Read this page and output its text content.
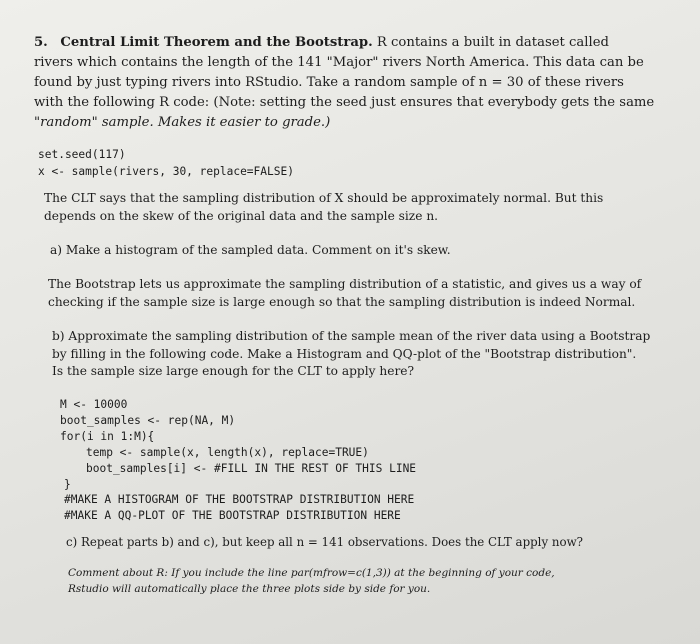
5. Central Limit Theorem and the Bootstrap. R contains a built in dataset called
rivers which contains the length of the 141 "Major" rivers North America. This data can be
found by just typing rivers into RStudio. Take a random sample of n = 30 of these rivers
with the following R code: (Note: setting the seed just ensures that everybody gets the same
"random" sample. Makes it easier to grade.)
set.seed(117)
x <- sample(rivers, 30, replace=FALSE)
The CLT says that the sampling distribution of X should be approximately normal. But this
depends on the skew of the original data and the sample size n.
a) Make a histogram of the sampled data. Comment on it's skew.
The Bootstrap lets us approximate the sampling distribution of a statistic, and gives us a way of
checking if the sample size is large enough so that the sampling distribution is indeed Normal.
b) Approximate the sampling distribution of the sample mean of the river data using a Bootstrap
by filling in the following code. Make a Histogram and QQ-plot of the "Bootstrap distribution".
Is the sample size large enough for the CLT to apply here?
M <- 10000
boot_samples <- rep(NA, M)
for(i in 1:M){
temp <- sample(x, length(x), replace=TRUE)
boot_samples[i] <- #FILL IN THE REST OF THIS LINE
}
#MAKE A HISTOGRAM OF THE BOOTSTRAP DISTRIBUTION HERE
#MAKE A QQ-PLOT OF THE BOOTSTRAP DISTRIBUTION HERE
c) Repeat parts b) and c), but keep all n = 141 observations. Does the CLT apply now?
Comment about R: If you include the line par(mfrow=c(1,3)) at the beginning of your code,
Rstudio will automatically place the three plots side by side for you.
